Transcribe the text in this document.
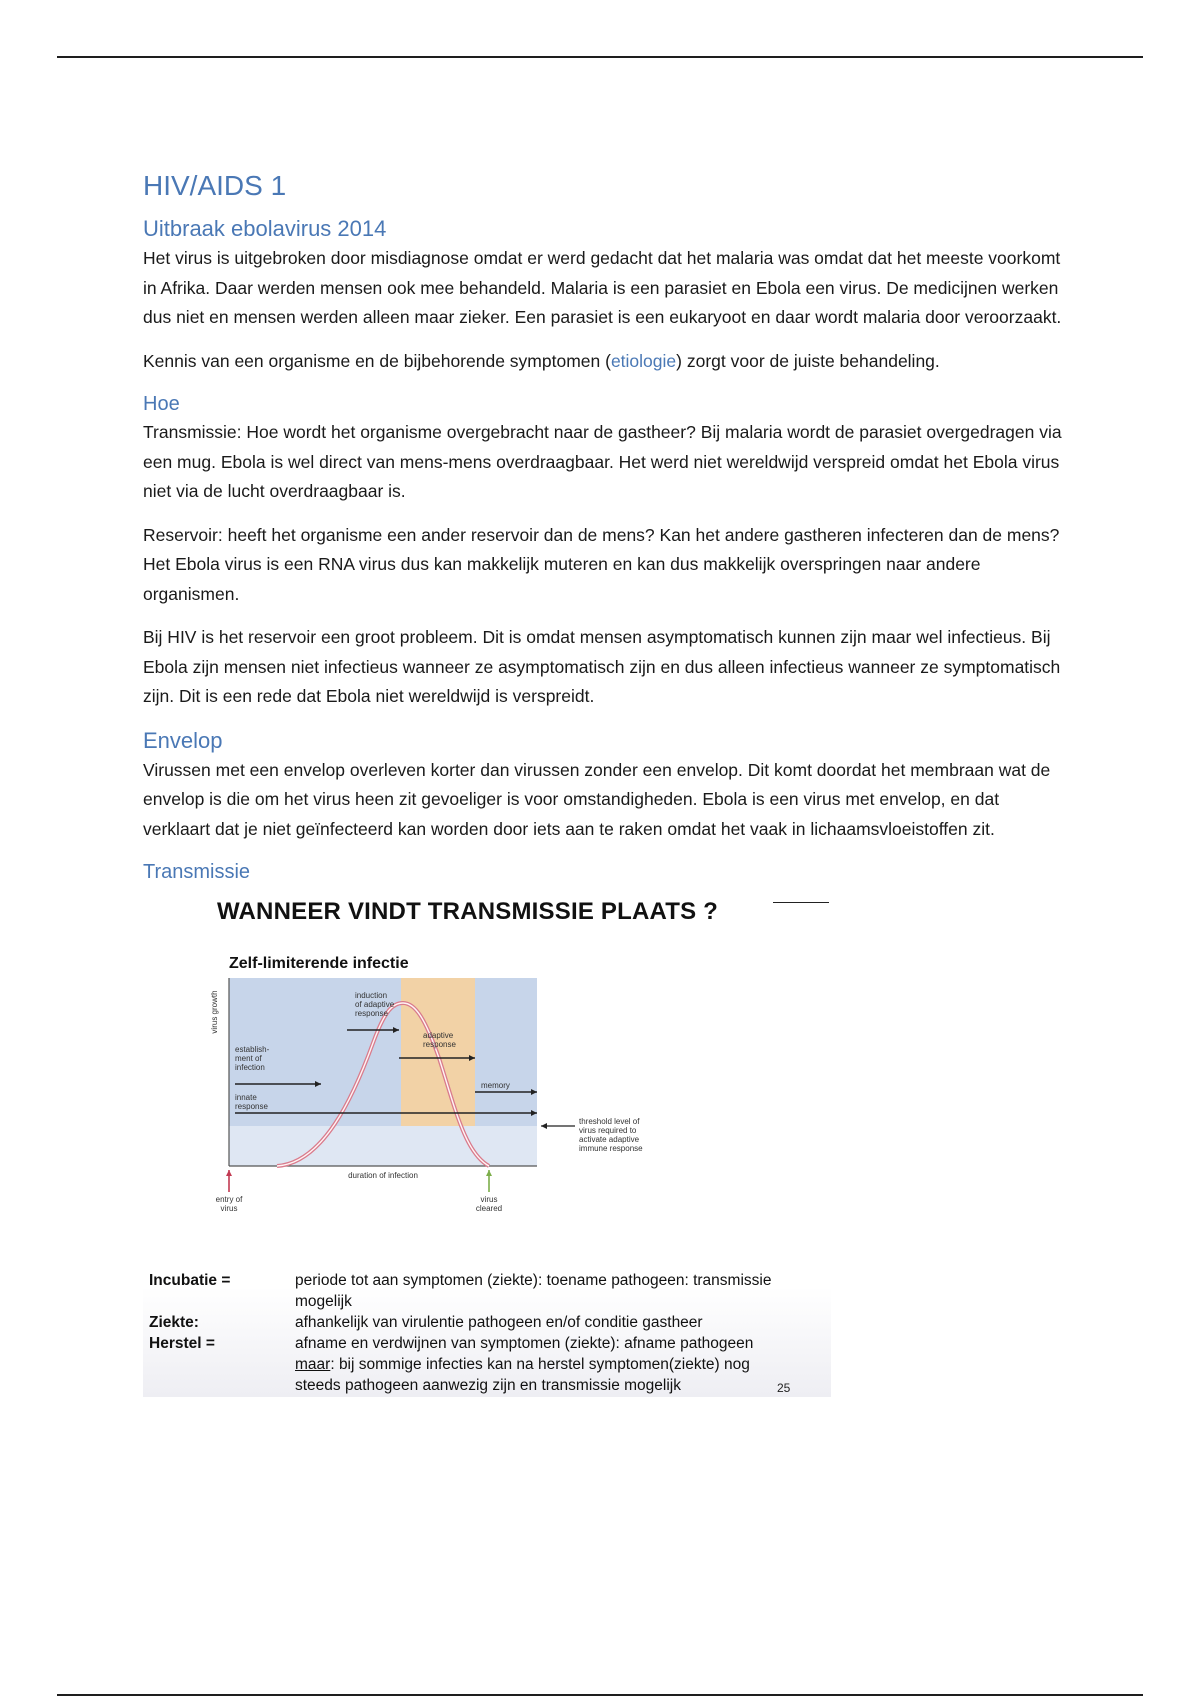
HIV/AIDS 1
Uitbraak ebolavirus 2014

Het virus is uitgebroken door misdiagnose omdat er werd gedacht dat het malaria was omdat dat het meeste voorkomt in Afrika. Daar werden mensen ook mee behandeld. Malaria is een parasiet en Ebola een virus. De medicijnen werken dus niet en mensen werden alleen maar zieker. Een parasiet is een eukaryoot en daar wordt malaria door veroorzaakt.

Kennis van een organisme en de bijbehorende symptomen (etiologie) zorgt voor de juiste behandeling.

Hoe

Transmissie: Hoe wordt het organisme overgebracht naar de gastheer? Bij malaria wordt de parasiet overgedragen via een mug. Ebola is wel direct van mens-mens overdraagbaar. Het werd niet wereldwijd verspreid omdat het Ebola virus niet via de lucht overdraagbaar is.

Reservoir: heeft het organisme een ander reservoir dan de mens? Kan het andere gastheren infecteren dan de mens? Het Ebola virus is een RNA virus dus kan makkelijk muteren en kan dus makkelijk overspringen naar andere organismen.

Bij HIV is het reservoir een groot probleem. Dit is omdat mensen asymptomatisch kunnen zijn maar wel infectieus. Bij Ebola zijn mensen niet infectieus wanneer ze asymptomatisch zijn en dus alleen infectieus wanneer ze symptomatisch zijn. Dit is een rede dat Ebola niet wereldwijd is verspreidt.

Envelop

Virussen met een envelop overleven korter dan virussen zonder een envelop. Dit komt doordat het membraan wat de envelop is die om het virus heen zit gevoeliger is voor omstandigheden. Ebola is een virus met envelop, en dat verklaart dat je niet geïnfecteerd kan worden door iets aan te raken omdat het vaak in lichaamsvloeistoffen zit.

Transmissie
WANNEER VINDT TRANSMISSIE PLAATS ?
Zelf-limiterende infectie
virus growth	induction
of adaptive
response
adaptive
response
establish-
ment of
infection
memory
innate
response
threshold level of
virus required to
activate adaptive
immune response
duration of infection
entry of
virus
virus
cleared
Incubatie =	periode tot aan symptomen (ziekte): toename pathogeen: transmissie
mogelijk
Ziekte:	afhankelijk van virulentie pathogeen en/of conditie gastheer
Herstel =	afname en verdwijnen van symptomen (ziekte): afname pathogeen
maar: bij sommige infecties kan na herstel symptomen(ziekte) nog
steeds pathogeen aanwezig zijn en transmissie mogelijk	25
